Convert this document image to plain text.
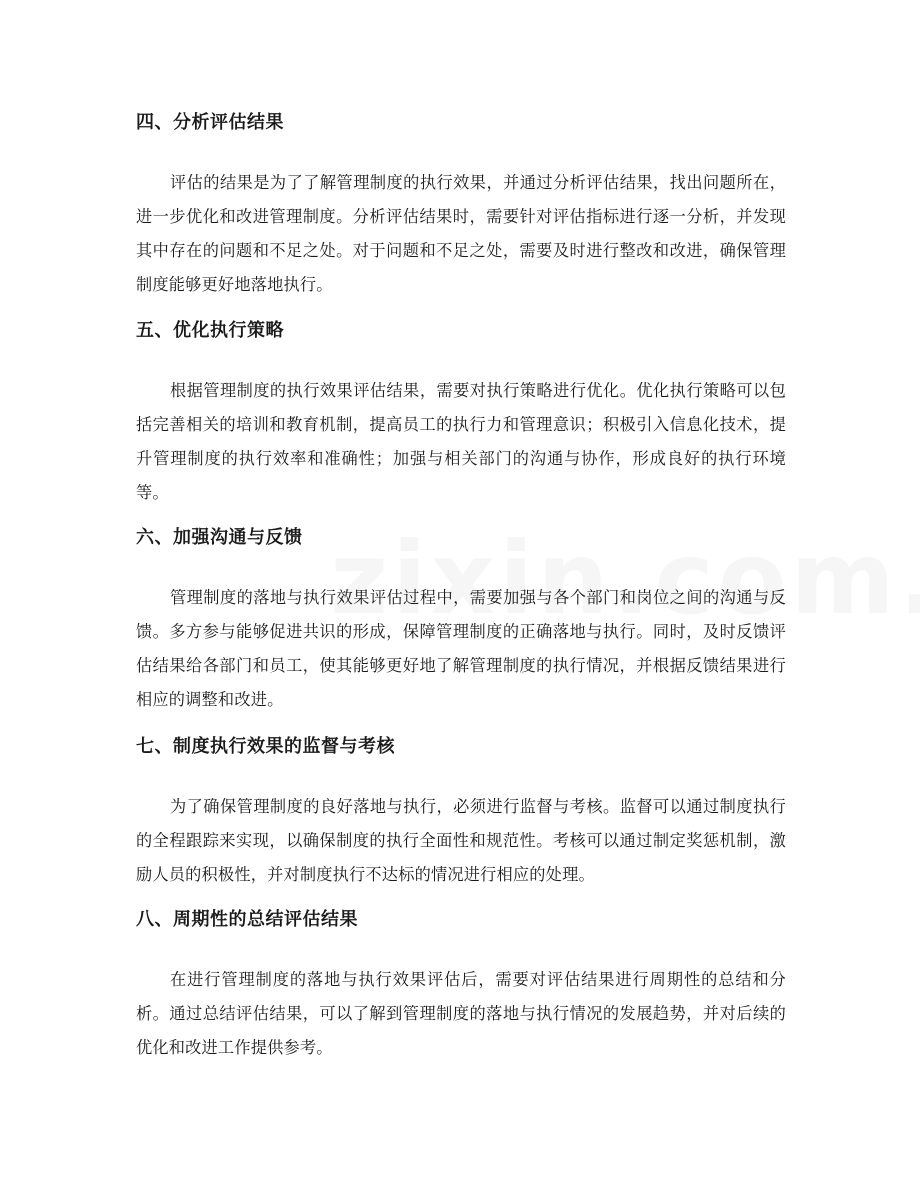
四、分析评估结果

评估的结果是为了了解管理制度的执行效果，并通过分析评估结果，找出问题所在，进一步优化和改进管理制度。分析评估结果时，需要针对评估指标进行逐一分析，并发现其中存在的问题和不足之处。对于问题和不足之处，需要及时进行整改和改进，确保管理制度能够更好地落地执行。

五、优化执行策略

根据管理制度的执行效果评估结果，需要对执行策略进行优化。优化执行策略可以包括完善相关的培训和教育机制，提高员工的执行力和管理意识；积极引入信息化技术，提升管理制度的执行效率和准确性；加强与相关部门的沟通与协作，形成良好的执行环境等。

六、加强沟通与反馈

管理制度的落地与执行效果评估过程中，需要加强与各个部门和岗位之间的沟通与反馈。多方参与能够促进共识的形成，保障管理制度的正确落地与执行。同时，及时反馈评估结果给各部门和员工，使其能够更好地了解管理制度的执行情况，并根据反馈结果进行相应的调整和改进。

七、制度执行效果的监督与考核

为了确保管理制度的良好落地与执行，必须进行监督与考核。监督可以通过制度执行的全程跟踪来实现，以确保制度的执行全面性和规范性。考核可以通过制定奖惩机制，激励人员的积极性，并对制度执行不达标的情况进行相应的处理。

八、周期性的总结评估结果

在进行管理制度的落地与执行效果评估后，需要对评估结果进行周期性的总结和分析。通过总结评估结果，可以了解到管理制度的落地与执行情况的发展趋势，并对后续的优化和改进工作提供参考。
